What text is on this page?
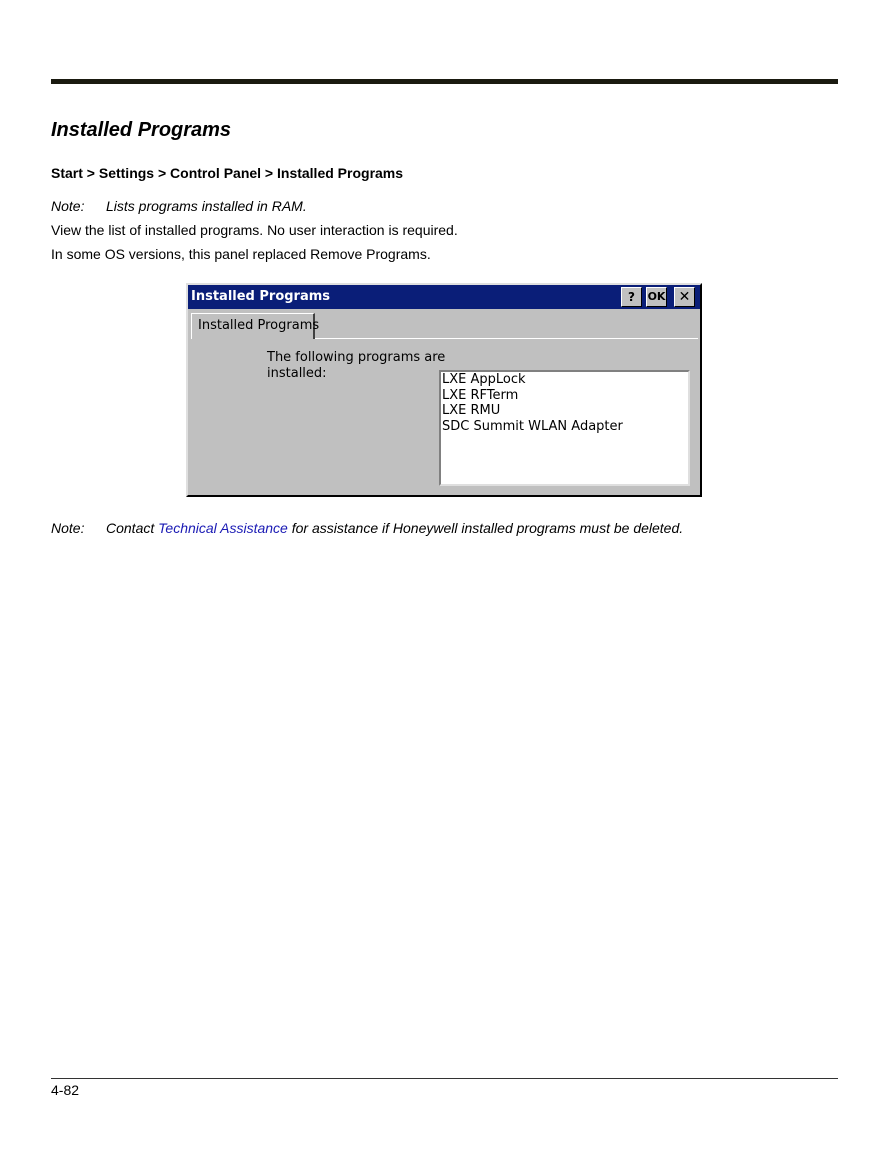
Installed Programs
Start > Settings > Control Panel > Installed Programs
Note: Lists programs installed in RAM.
View the list of installed programs. No user interaction is required.
In some OS versions, this panel replaced Remove Programs.
Installed Programs	?	OK ✕
Installed Programs
The following programs are
installed:	LXE AppLock
LXE RFTerm
LXE RMU
SDC Summit WLAN Adapter
Note: Contact Technical Assistance for assistance if Honeywell installed programs must be deleted.
4-82
